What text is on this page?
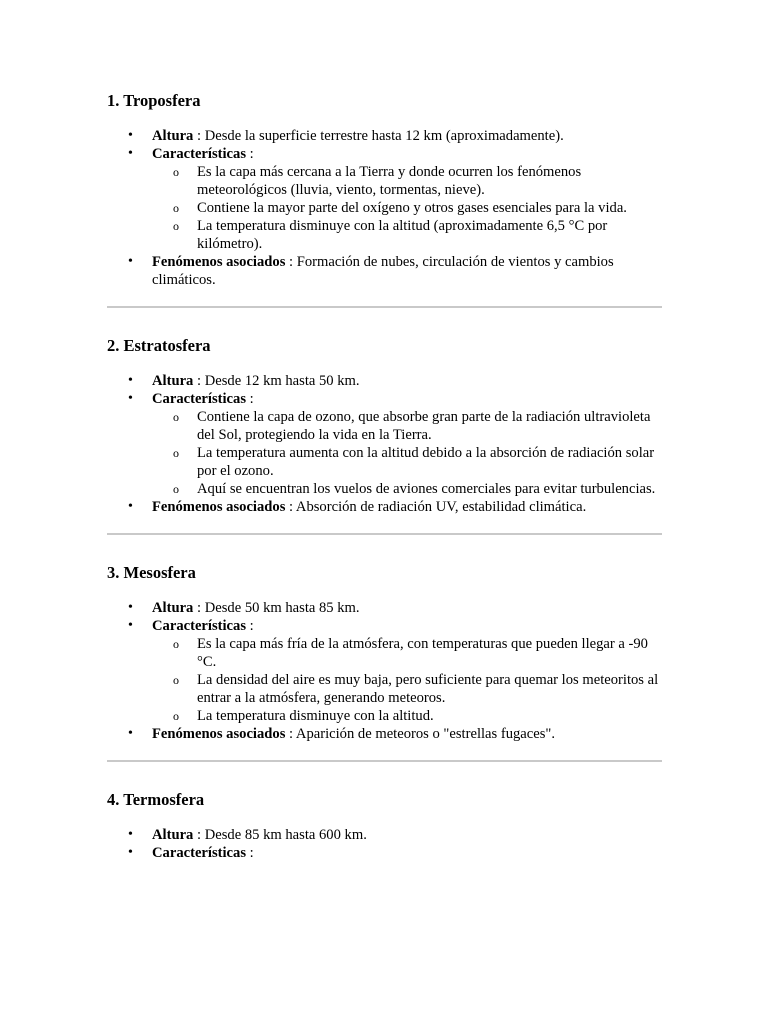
1. Troposfera
• Altura : Desde la superficie terrestre hasta 12 km (aproximadamente).
• Características :
o Es la capa más cercana a la Tierra y donde ocurren los fenómenos meteorológicos (lluvia, viento, tormentas, nieve).
o Contiene la mayor parte del oxígeno y otros gases esenciales para la vida.
o La temperatura disminuye con la altitud (aproximadamente 6,5 °C por kilómetro).
• Fenómenos asociados : Formación de nubes, circulación de vientos y cambios climáticos.
2. Estratosfera
• Altura : Desde 12 km hasta 50 km.
• Características :
o Contiene la capa de ozono, que absorbe gran parte de la radiación ultravioleta del Sol, protegiendo la vida en la Tierra.
o La temperatura aumenta con la altitud debido a la absorción de radiación solar por el ozono.
o Aquí se encuentran los vuelos de aviones comerciales para evitar turbulencias.
• Fenómenos asociados : Absorción de radiación UV, estabilidad climática.
3. Mesosfera
• Altura : Desde 50 km hasta 85 km.
• Características :
o Es la capa más fría de la atmósfera, con temperaturas que pueden llegar a -90 °C.
o La densidad del aire es muy baja, pero suficiente para quemar los meteoritos al entrar a la atmósfera, generando meteoros.
o La temperatura disminuye con la altitud.
• Fenómenos asociados : Aparición de meteoros o "estrellas fugaces".
4. Termosfera
• Altura : Desde 85 km hasta 600 km.
• Características :
